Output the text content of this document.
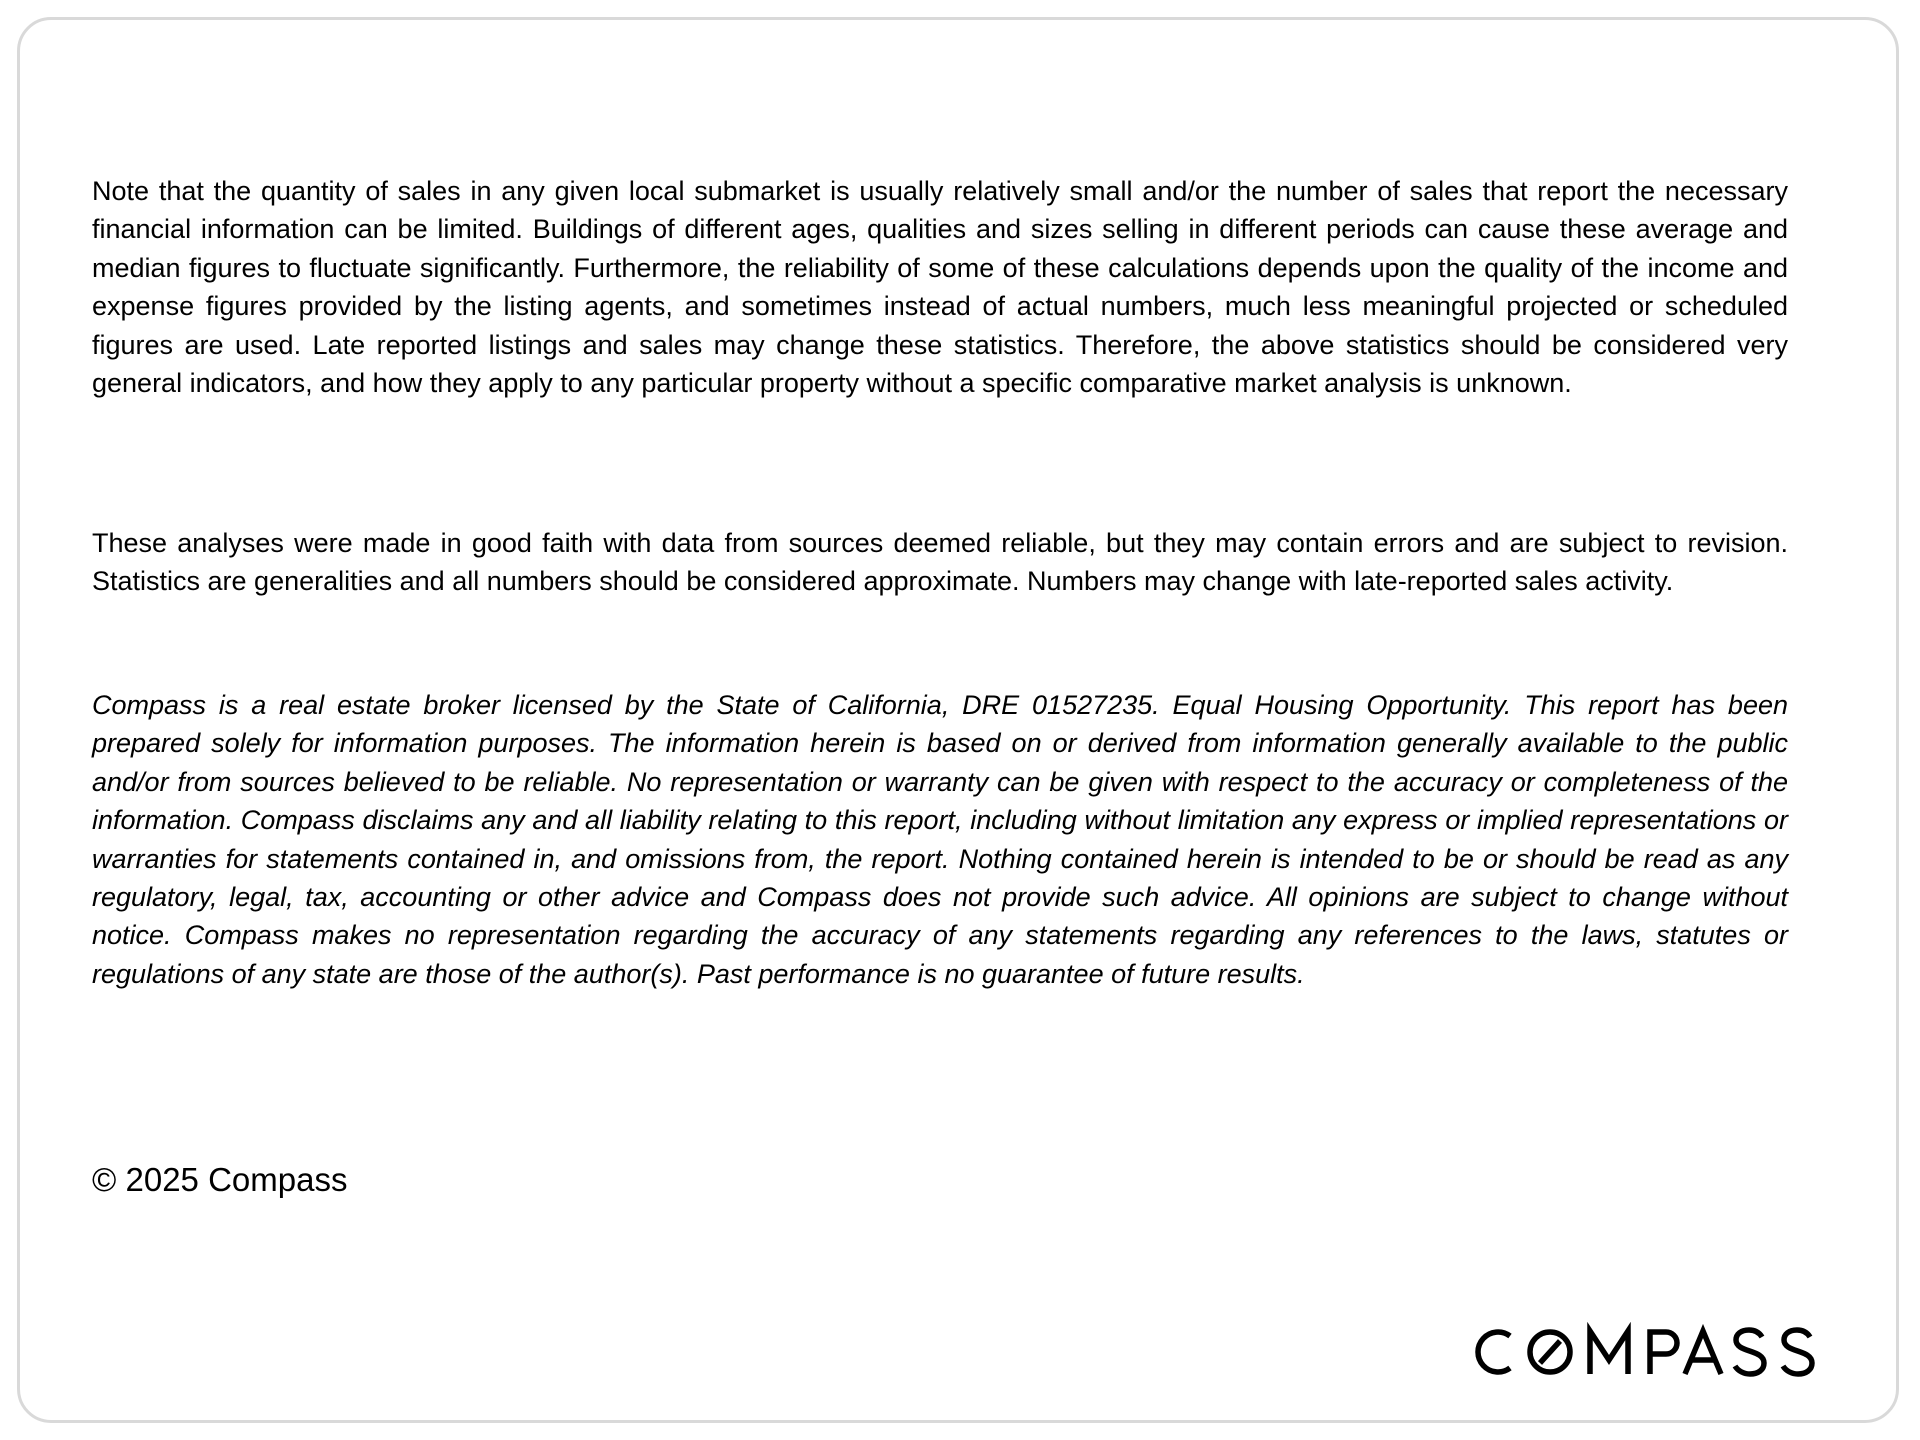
Note that the quantity of sales in any given local submarket is usually relatively small and/or the number of sales that report the necessary financial information can be limited. Buildings of different ages, qualities and sizes selling in different periods can cause these average and median figures to fluctuate significantly. Furthermore, the reliability of some of these calculations depends upon the quality of the income and expense figures provided by the listing agents, and sometimes instead of actual numbers, much less meaningful projected or scheduled figures are used. Late reported listings and sales may change these statistics. Therefore, the above statistics should be considered very general indicators, and how they apply to any particular property without a specific comparative market analysis is unknown.

These analyses were made in good faith with data from sources deemed reliable, but they may contain errors and are subject to revision. Statistics are generalities and all numbers should be considered approximate. Numbers may change with late-reported sales activity.

Compass is a real estate broker licensed by the State of California, DRE 01527235. Equal Housing Opportunity. This report has been prepared solely for information purposes. The information herein is based on or derived from information generally available to the public and/or from sources believed to be reliable. No representation or warranty can be given with respect to the accuracy or completeness of the information. Compass disclaims any and all liability relating to this report, including without limitation any express or implied representations or warranties for statements contained in, and omissions from, the report. Nothing contained herein is intended to be or should be read as any regulatory, legal, tax, accounting or other advice and Compass does not provide such advice. All opinions are subject to change without notice. Compass makes no representation regarding the accuracy of any statements regarding any references to the laws, statutes or regulations of any state are those of the author(s). Past performance is no guarantee of future results.

© 2025 Compass
